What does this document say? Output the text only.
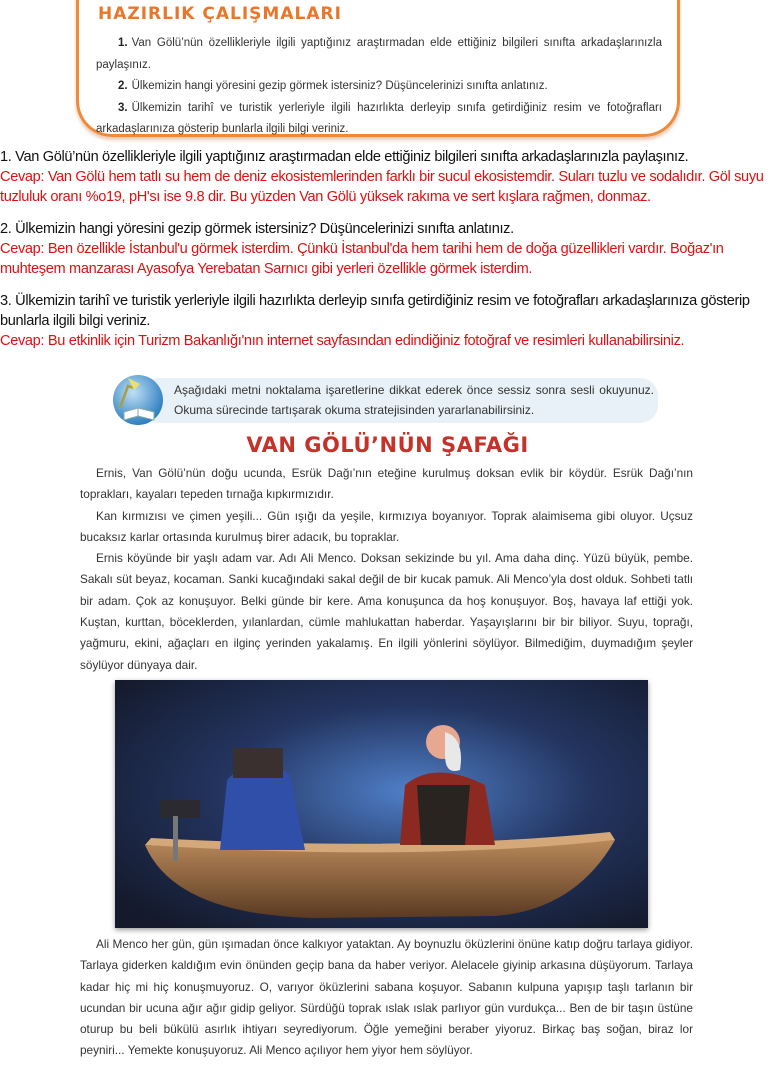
HAZIRLIK ÇALIŞMALARI

1. Van Gölü’nün özellikleriyle ilgili yaptığınız araştırmadan elde ettiğiniz bilgileri sınıfta arkadaşlarınızla paylaşınız.

2. Ülkemizin hangi yöresini gezip görmek istersiniz? Düşüncelerinizi sınıfta anlatınız.

3. Ülkemizin tarihî ve turistik yerleriyle ilgili hazırlıkta derleyip sınıfa getirdiğiniz resim ve fotoğrafları arkadaşlarınıza gösterip bunlarla ilgili bilgi veriniz.

1. Van Gölü’nün özellikleriyle ilgili yaptığınız araştırmadan elde ettiğiniz bilgileri sınıfta arkadaşlarınızla paylaşınız.
Cevap: Van Gölü hem tatlı su hem de deniz ekosistemlerinden farklı bir sucul ekosistemdir. Suları tuzlu ve sodalıdır. Göl suyu tuzluluk oranı %o19, pH'sı ise 9.8 dir. Bu yüzden Van Gölü yüksek rakıma ve sert kışlara rağmen, donmaz.
2. Ülkemizin hangi yöresini gezip görmek istersiniz? Düşüncelerinizi sınıfta anlatınız.
Cevap: Ben özellikle İstanbul'u görmek isterdim. Çünkü İstanbul'da hem tarihi hem de doğa güzellikleri vardır. Boğaz'ın muhteşem manzarası Ayasofya Yerebatan Sarnıcı gibi yerleri özellikle görmek isterdim.
3. Ülkemizin tarihî ve turistik yerleriyle ilgili hazırlıkta derleyip sınıfa getirdiğiniz resim ve fotoğrafları arkadaşlarınıza gösterip bunlarla ilgili bilgi veriniz.
Cevap: Bu etkinlik için Turizm Bakanlığı'nın internet sayfasından edindiğiniz fotoğraf ve resimleri kullanabilirsiniz.
Aşağıdaki metni noktalama işaretlerine dikkat ederek önce sessiz sonra sesli okuyunuz. Okuma sürecinde tartışarak okuma stratejisinden yararlanabilirsiniz.
VAN GÖLÜ’NÜN ŞAFAĞI

Ernis, Van Gölü’nün doğu ucunda, Esrük Dağı’nın eteğine kurulmuş doksan evlik bir köydür. Esrük Dağı’nın toprakları, kayaları tepeden tırnağa kıpkırmızıdır.

Kan kırmızısı ve çimen yeşili... Gün ışığı da yeşile, kırmızıya boyanıyor. Toprak alaimisema gibi oluyor. Uçsuz bucaksız karlar ortasında kurulmuş birer adacık, bu topraklar.

Ernis köyünde bir yaşlı adam var. Adı Ali Menco. Doksan sekizinde bu yıl. Ama daha dinç. Yüzü büyük, pembe. Sakalı süt beyaz, kocaman. Sanki kucağındaki sakal değil de bir kucak pamuk. Ali Menco’yla dost olduk. Sohbeti tatlı bir adam. Çok az konuşuyor. Belki günde bir kere. Ama konuşunca da hoş konuşuyor. Boş, havaya laf ettiği yok. Kuştan, kurttan, böceklerden, yılanlardan, cümle mahlukattan haberdar. Yaşayışlarını bir bir biliyor. Suyu, toprağı, yağmuru, ekini, ağaçları en ilginç yerinden yakalamış. En ilgili yönlerini söylüyor. Bilmediğim, duymadığım şeyler söylüyor dünyaya dair.

Ali Menco her gün, gün ışımadan önce kalkıyor yataktan. Ay boynuzlu öküzlerini önüne katıp doğru tarlaya gidiyor. Tarlaya giderken kaldığım evin önünden geçip bana da haber veriyor. Alelacele giyinip arkasına düşüyorum. Tarlaya kadar hiç mi hiç konuşmuyoruz. O, varıyor öküzlerini sabana koşuyor. Sabanın kulpuna yapışıp taşlı tarlanın bir ucundan bir ucuna ağır ağır gidip geliyor. Sürdüğü toprak ıslak ıslak parlıyor gün vurdukça... Ben de bir taşın üstüne oturup bu beli bükülü asırlık ihtiyarı seyrediyorum. Öğle yemeğini beraber yiyoruz. Birkaç baş soğan, biraz lor peyniri... Yemekte konuşuyoruz. Ali Menco açılıyor hem yiyor hem söylüyor.
